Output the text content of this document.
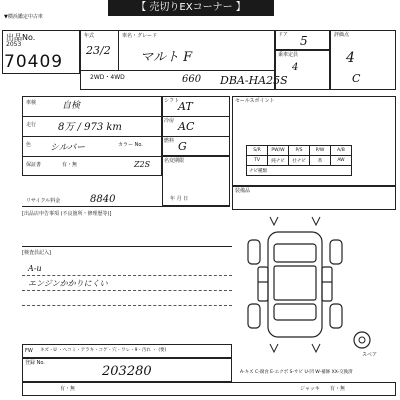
【 売切りEXコーナー 】
▼横浜鑑定中古車
出品No.
2053
70409
年式	車名・グレード
23/2 マルト F
2WD・4WD	660 DBA-HA25S
ドア 5	評価点
4
C
乗車定員
4
車検	自検
走行 8万 / 973 km
色 シルバー	カラー No.
保証書	有・無	Z2S
シフト
AT
冷房 AC
燃料 G
名変期限
年 月 日
リサイクル料金	8840
[出品店申告事項 (不良箇所・修理歴等)]
セールスポイント
S/R	PW/W	P/S	P/W	A/B
TV	純ナビ	社ナビ	革	AW
ナビ種類				
装備品
[検査員記入]
A-u
エンジンかかりにくい
スペア
FW キズ・U ・ヘコミ・アラキ・コゲ・穴・ワレ・9・汚れ ・ (要)
登録 No.
203280	A-キズ C-腐食 E-エクボ S-サビ U-凹 W-補修 XX-交換済
有・無	ジャッキ 有・無
